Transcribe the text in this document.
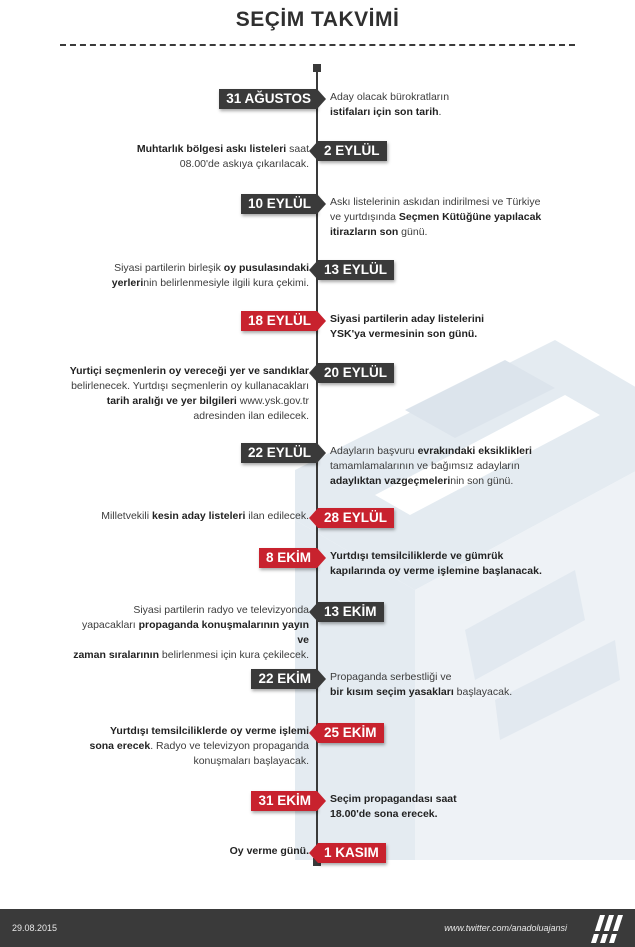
SEÇİM TAKVİMİ
31 AĞUSTOS	Aday olacak bürokratların
istifaları için son tarih.
2 EYLÜL
Muhtarlık bölgesi askı listeleri saat
08.00'de askıya çıkarılacak.
10 EYLÜL	Askı listelerinin askıdan indirilmesi ve Türkiye
ve yurtdışında Seçmen Kütüğüne yapılacak
itirazların son günü.
13 EYLÜL
Siyasi partilerin birleşik oy pusulasındaki
yerlerinin belirlenmesiyle ilgili kura çekimi.
18 EYLÜL	Siyasi partilerin aday listelerini
YSK'ya vermesinin son günü.
20 EYLÜL
Yurtiçi seçmenlerin oy vereceği yer ve sandıklar
belirlenecek. Yurtdışı seçmenlerin oy kullanacakları
tarih aralığı ve yer bilgileri www.ysk.gov.tr
adresinden ilan edilecek.
22 EYLÜL	Adayların başvuru evrakındaki eksiklikleri
tamamlamalarının ve bağımsız adayların
adaylıktan vazgeçmelerinin son günü.
28 EYLÜL
Milletvekili kesin aday listeleri ilan edilecek.
8 EKİM	Yurtdışı temsilciliklerde ve gümrük
kapılarında oy verme işlemine başlanacak.
13 EKİM
Siyasi partilerin radyo ve televizyonda
yapacakları propaganda konuşmalarının yayın ve
zaman sıralarının belirlenmesi için kura çekilecek.
22 EKİM	Propaganda serbestliği ve
bir kısım seçim yasakları başlayacak.
25 EKİM
Yurtdışı temsilciliklerde oy verme işlemi
sona erecek. Radyo ve televizyon propaganda
konuşmaları başlayacak.
31 EKİM	Seçim propagandası saat
18.00'de sona erecek.
1 KASIM
Oy verme günü.
29.08.2015	www.twitter.com/anadoluajansi
